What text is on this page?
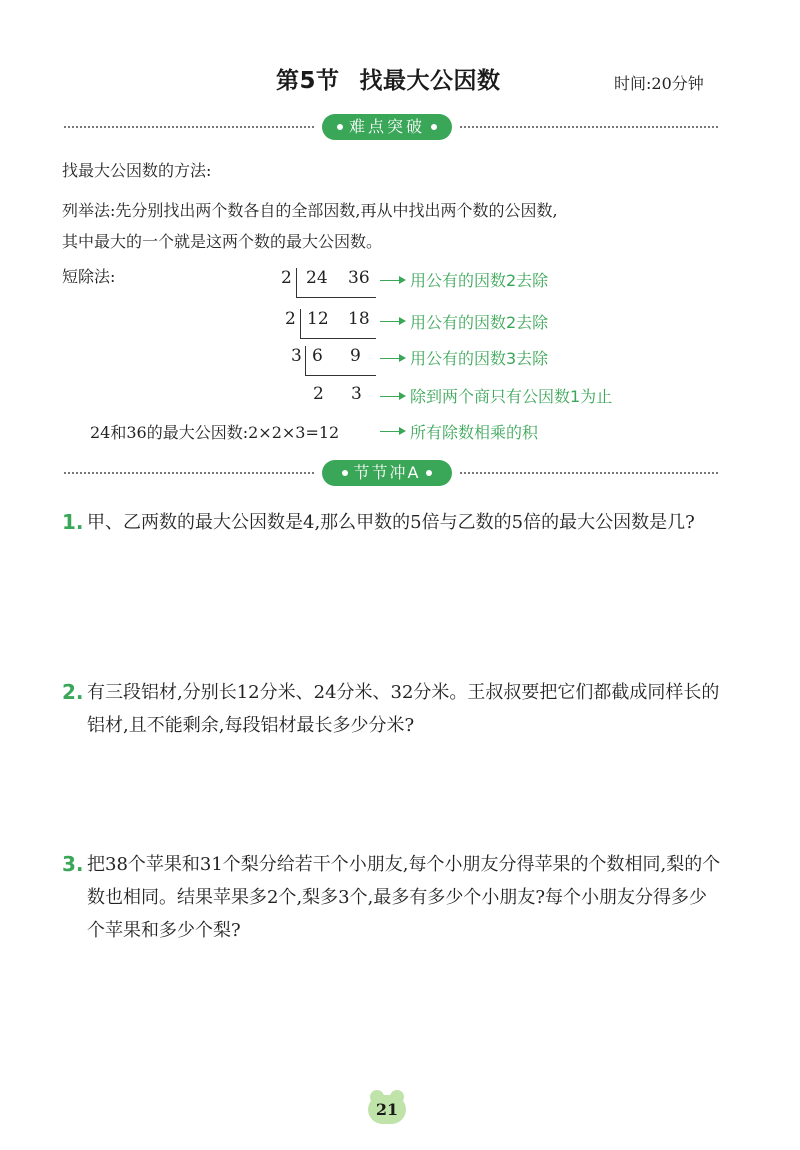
第5节 找最大公因数	时间:20分钟
难点突破
找最大公因数的方法:
列举法:先分别找出两个数各自的全部因数,再从中找出两个数的公因数,
其中最大的一个就是这两个数的最大公因数。
短除法:	2 24 36	用公有的因数2去除
2 12 18	用公有的因数2去除
3 6 9	用公有的因数3去除
2 3	除到两个商只有公因数1为止
24和36的最大公因数:2×2×3=12	所有除数相乘的积
节节冲A
1. 甲、乙两数的最大公因数是4,那么甲数的5倍与乙数的5倍的最大公因数是几?
2. 有三段铝材,分别长12分米、24分米、32分米。王叔叔要把它们都截成同样长的铝材,且不能剩余,每段铝材最长多少分米?
3. 把38个苹果和31个梨分给若干个小朋友,每个小朋友分得苹果的个数相同,梨的个数也相同。结果苹果多2个,梨多3个,最多有多少个小朋友?每个小朋友分得多少个苹果和多少个梨?
21
